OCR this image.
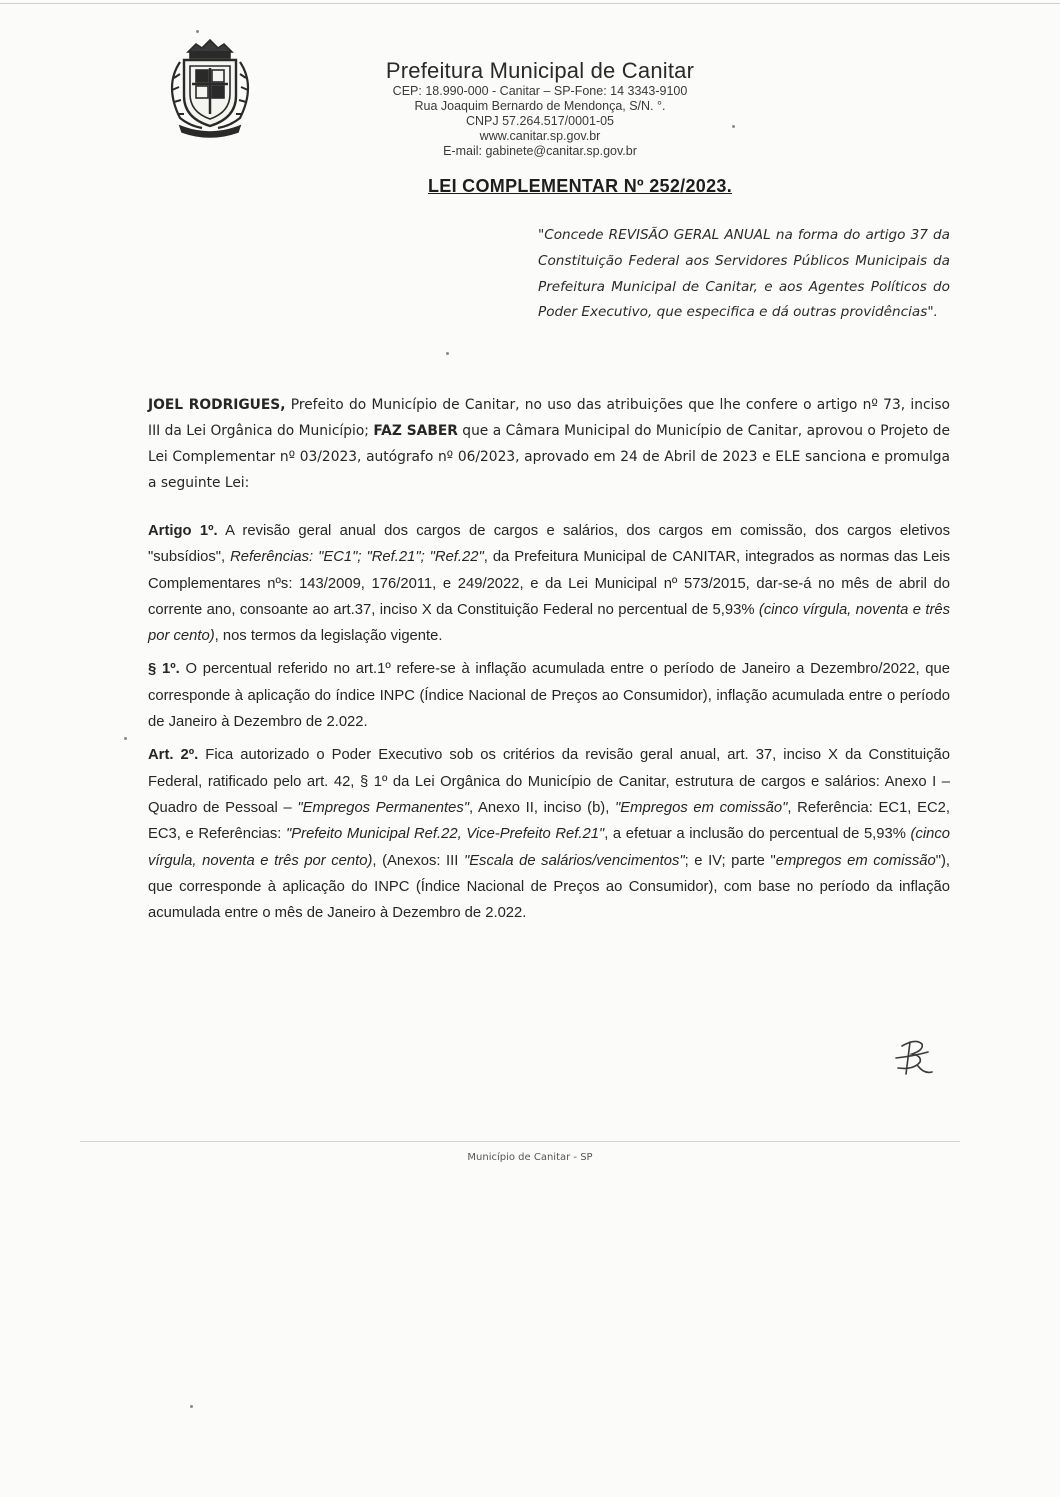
Prefeitura Municipal de Canitar
CEP: 18.990-000 - Canitar – SP-Fone: 14 3343-9100
Rua Joaquim Bernardo de Mendonça, S/N. °.
CNPJ 57.264.517/0001-05
www.canitar.sp.gov.br
E-mail: gabinete@canitar.sp.gov.br
LEI COMPLEMENTAR Nº 252/2023.
"Concede REVISÃO GERAL ANUAL na forma do artigo 37 da Constituição Federal aos Servidores Públicos Municipais da Prefeitura Municipal de Canitar, e aos Agentes Políticos do Poder Executivo, que especifica e dá outras providências".

JOEL RODRIGUES, Prefeito do Município de Canitar, no uso das atribuições que lhe confere o artigo nº 73, inciso III da Lei Orgânica do Município; FAZ SABER que a Câmara Municipal do Município de Canitar, aprovou o Projeto de Lei Complementar nº 03/2023, autógrafo nº 06/2023, aprovado em 24 de Abril de 2023 e ELE sanciona e promulga a seguinte Lei:

Artigo 1º. A revisão geral anual dos cargos de cargos e salários, dos cargos em comissão, dos cargos eletivos "subsídios", Referências: "EC1"; "Ref.21"; "Ref.22", da Prefeitura Municipal de CANITAR, integrados as normas das Leis Complementares nºs: 143/2009, 176/2011, e 249/2022, e da Lei Municipal nº 573/2015, dar-se-á no mês de abril do corrente ano, consoante ao art.37, inciso X da Constituição Federal no percentual de 5,93% (cinco vírgula, noventa e três por cento), nos termos da legislação vigente.

§ 1º. O percentual referido no art.1º refere-se à inflação acumulada entre o período de Janeiro a Dezembro/2022, que corresponde à aplicação do índice INPC (Índice Nacional de Preços ao Consumidor), inflação acumulada entre o período de Janeiro à Dezembro de 2.022.

Art. 2º. Fica autorizado o Poder Executivo sob os critérios da revisão geral anual, art. 37, inciso X da Constituição Federal, ratificado pelo art. 42, § 1º da Lei Orgânica do Município de Canitar, estrutura de cargos e salários: Anexo I – Quadro de Pessoal – "Empregos Permanentes", Anexo II, inciso (b), "Empregos em comissão", Referência: EC1, EC2, EC3, e Referências: "Prefeito Municipal Ref.22, Vice-Prefeito Ref.21", a efetuar a inclusão do percentual de 5,93% (cinco vírgula, noventa e três por cento), (Anexos: III "Escala de salários/vencimentos"; e IV; parte "empregos em comissão"), que corresponde à aplicação do INPC (Índice Nacional de Preços ao Consumidor), com base no período da inflação acumulada entre o mês de Janeiro à Dezembro de 2.022.

Município de Canitar - SP
